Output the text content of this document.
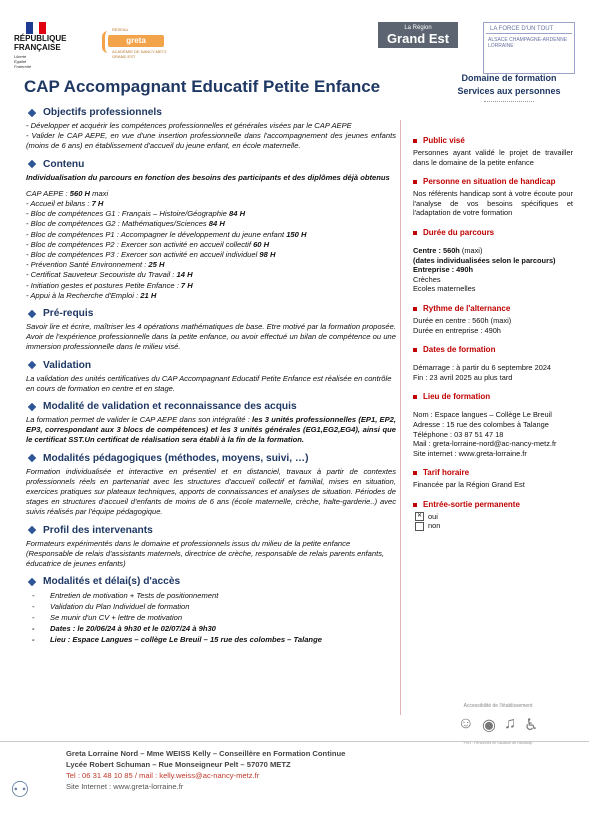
RÉPUBLIQUE
FRANÇAISE
Liberté
Égalité
Fraternité
RÉSEAU
greta
ACADÉMIE DE NANCY-METZ GRAND EST
La Région
Grand Est
LA FORCE D'UN TOUT
ALSACE CHAMPAGNE-ARDENNE LORRAINE
CAP Accompagnant Educatif Petite Enfance	Domaine de formation
Services aux personnes
Objectifs professionnels

- Développer et acquérir les compétences professionnelles et générales visées par le CAP AEPE

- Valider le CAP AEPE, en vue d'une insertion professionnelle dans l'accompagnement des jeunes enfants (moins de 6 ans) en établissement d'accueil du jeune enfant, en école maternelle.

Contenu

Individualisation du parcours en fonction des besoins des participants et des diplômes déjà obtenus

CAP AEPE : 560 H maxi

- Accueil et bilans : 7 H
- Bloc de compétences G1 : Français – Histoire/Géographie 84 H
- Bloc de compétences G2 : Mathématiques/Sciences 84 H
- Bloc de compétences P1 : Accompagner le développement du jeune enfant 150 H
- Bloc de compétences P2 : Exercer son activité en accueil collectif 60 H
- Bloc de compétences P3 : Exercer son activité en accueil individuel 98 H
- Prévention Santé Environnement : 25 H
- Certificat Sauveteur Secouriste du Travail : 14 H
- Initiation gestes et postures Petite Enfance : 7 H
- Appui à la Recherche d'Emploi : 21 H
Pré-requis

Savoir lire et écrire, maîtriser les 4 opérations mathématiques de base. Etre motivé par la formation proposée. Avoir de l'expérience professionnelle dans la petite enfance, ou avoir effectué un bilan de compétence ou une immersion professionnelle dans le milieu visé.

Validation

La validation des unités certificatives du CAP Accompagnant Educatif Petite Enfance est réalisée en contrôle en cours de formation en centre et en stage.

Modalité de validation et reconnaissance des acquis

La formation permet de valider le CAP AEPE dans son intégralité : les 3 unités professionnelles (EP1, EP2, EP3, correspondant aux 3 blocs de compétences) et les 3 unités générales (EG1,EG2,EG4), ainsi que le certificat SST.Un certificat de réalisation sera établi à la fin de la formation.

Modalités pédagogiques (méthodes, moyens, suivi, …)

Formation individualisée et interactive en présentiel et en distanciel, travaux à partir de contextes professionnels réels en partenariat avec les structures d'accueil collectif et familial, mises en situation, exercices pratiques sur plateaux techniques, apports de connaissances et analyses de situation. Périodes de stages en structures d'accueil d'enfants de moins de 6 ans (école maternelle, crèche, halte-garderie..) avec suivis réalisés par l'équipe pédagogique.

Profil des intervenants

Formateurs expérimentés dans le domaine et professionnels issus du milieu de la petite enfance (Responsable de relais d'assistants maternels, directrice de crèche, responsable de relais parents enfants, éducatrice de jeunes enfants)

Modalités et délai(s) d'accès
-	Entretien de motivation + Tests de positionnement
-	Validation du Plan Individuel de formation
-	Se munir d'un CV + lettre de motivation
-	Dates : le 20/06/24 à 9h30 et le 02/07/24 à 9h30
-	Lieu : Espace Langues – collège Le Breuil – 15 rue des colombes – Talange
Public visé
Personnes ayant validé le projet de travailler dans le domaine de la petite enfance
Personne en situation de handicap
Nos référents handicap sont à votre écoute pour l'analyse de vos besoins spécifiques et l'adaptation de votre formation
Durée du parcours
Centre : 560h (maxi)
(dates individualisées selon le parcours)
Entreprise : 490h
Crèches
Ecoles maternelles
Rythme de l'alternance
Durée en centre : 560h (maxi)
Durée en entreprise : 490h
Dates de formation
Démarrage : à partir du 6 septembre 2024
Fin : 23 avril 2025 au plus tard
Lieu de formation
Nom : Espace langues – Collège Le Breuil
Adresse : 15 rue des colombes à Talange
Téléphone : 03 87 51 47 18
Mail : greta-lorraine-nord@ac-nancy-metz.fr
Site internet : www.greta-lorraine.fr
Tarif horaire
Financée par la Région Grand Est
Entrée-sortie permanente
✕ oui
non
Accessibilité de l'établissement
☺ ◉ ♫ ♿
PSH : Personnes en Situation de Handicap
⚇
Greta Lorraine Nord – Mme WEISS Kelly – Conseillère en Formation Continue
Lycée Robert Schuman – Rue Monseigneur Pelt – 57070 METZ
Tel : 06 31 48 10 85 / mail : kelly.weiss@ac-nancy-metz.fr
Site Internet : www.greta-lorraine.fr
